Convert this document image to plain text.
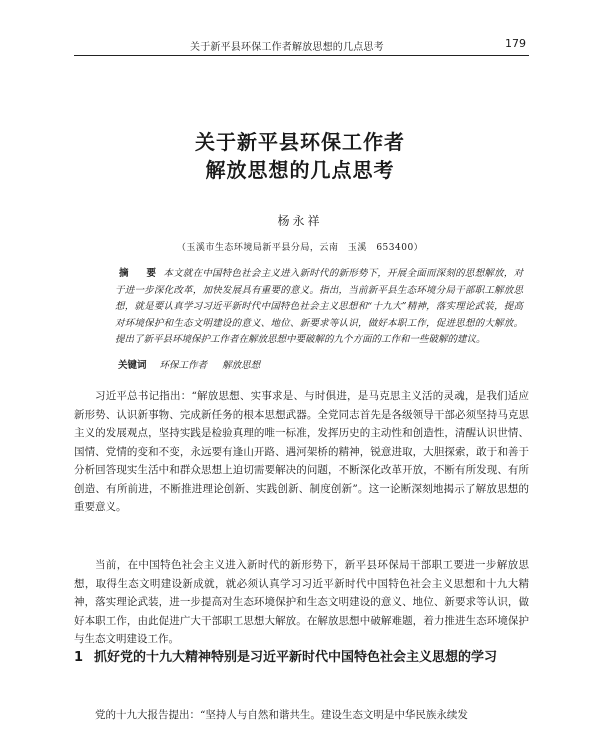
关于新平县环保工作者解放思想的几点思考	179
关于新平县环保工作者
解放思想的几点思考
杨永祥
（玉溪市生态环境局新平县分局，云南　玉溪　653400）
摘　要 本文就在中国特色社会主义进入新时代的新形势下，开展全面而深刻的思想解放，对于进一步深化改革，加快发展具有重要的意义。指出，当前新平县生态环境分局干部职工解放思想，就是要认真学习习近平新时代中国特色社会主义思想和“十九大”精神，落实理论武装，提高对环境保护和生态文明建设的意义、地位、新要求等认识，做好本职工作，促进思想的大解放。提出了新平县环境保护工作者在解放思想中要破解的九个方面的工作和一些破解的建议。
关键词 环保工作者 解放思想

习近平总书记指出：“解放思想、实事求是、与时俱进，是马克思主义活的灵魂，是我们适应新形势、认识新事物、完成新任务的根本思想武器。全党同志首先是各级领导干部必须坚持马克思主义的发展观点，坚持实践是检验真理的唯一标准，发挥历史的主动性和创造性，清醒认识世情、国情、党情的变和不变，永远要有逢山开路、遇河架桥的精神，锐意进取，大胆探索，敢于和善于分析回答现实生活中和群众思想上迫切需要解决的问题，不断深化改革开放，不断有所发现、有所创造、有所前进，不断推进理论创新、实践创新、制度创新”。这一论断深刻地揭示了解放思想的重要意义。

当前，在中国特色社会主义进入新时代的新形势下，新平县环保局干部职工要进一步解放思想，取得生态文明建设新成就，就必须认真学习习近平新时代中国特色社会主义思想和十九大精神，落实理论武装，进一步提高对生态环境保护和生态文明建设的意义、地位、新要求等认识，做好本职工作，由此促进广大干部职工思想大解放。在解放思想中破解难题，着力推进生态环境保护与生态文明建设工作。

1 抓好党的十九大精神特别是习近平新时代中国特色社会主义思想的学习

党的十九大报告提出：“坚持人与自然和谐共生。建设生态文明是中华民族永续发
